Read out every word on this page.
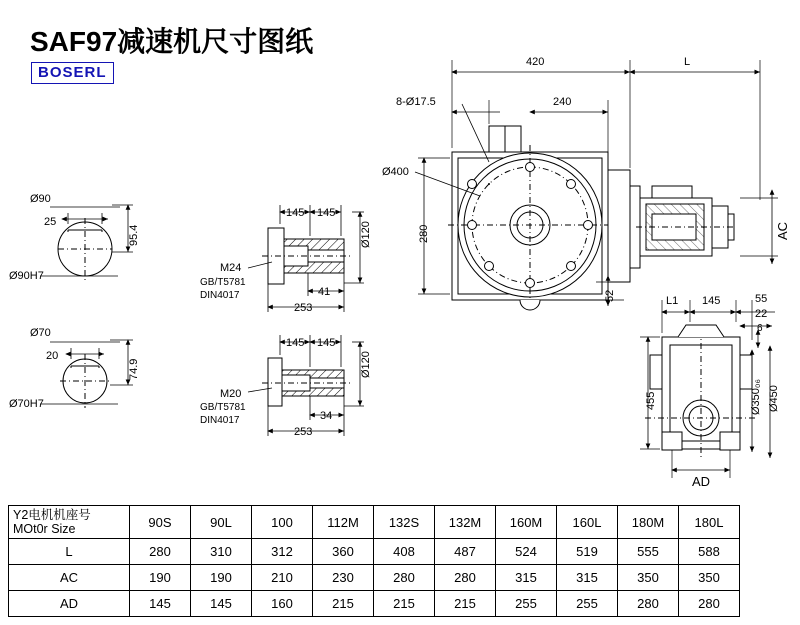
SAF97减速机尺寸图纸
BOSERL
Ø90
25
95.4
Ø90H7
Ø70
20
74.9
Ø70H7
145 145
Ø120
M24
GB/T5781
DIN4017	41
253
145 145
Ø120
M20
GB/T5781
DIN4017	34
253
420	L
8-Ø17.5	240
Ø400
280
52
AC
L1 145	55
22
6
455	Ø350₀₆ Ø450
AD
Y2电机机座号
MOt0r Size	90S	90L	100	112M	132S	132M	160M	160L	180M	180L
L	280	310	312	360	408	487	524	519	555	588
AC	190	190	210	230	280	280	315	315	350	350
AD	145	145	160	215	215	215	255	255	280	280
